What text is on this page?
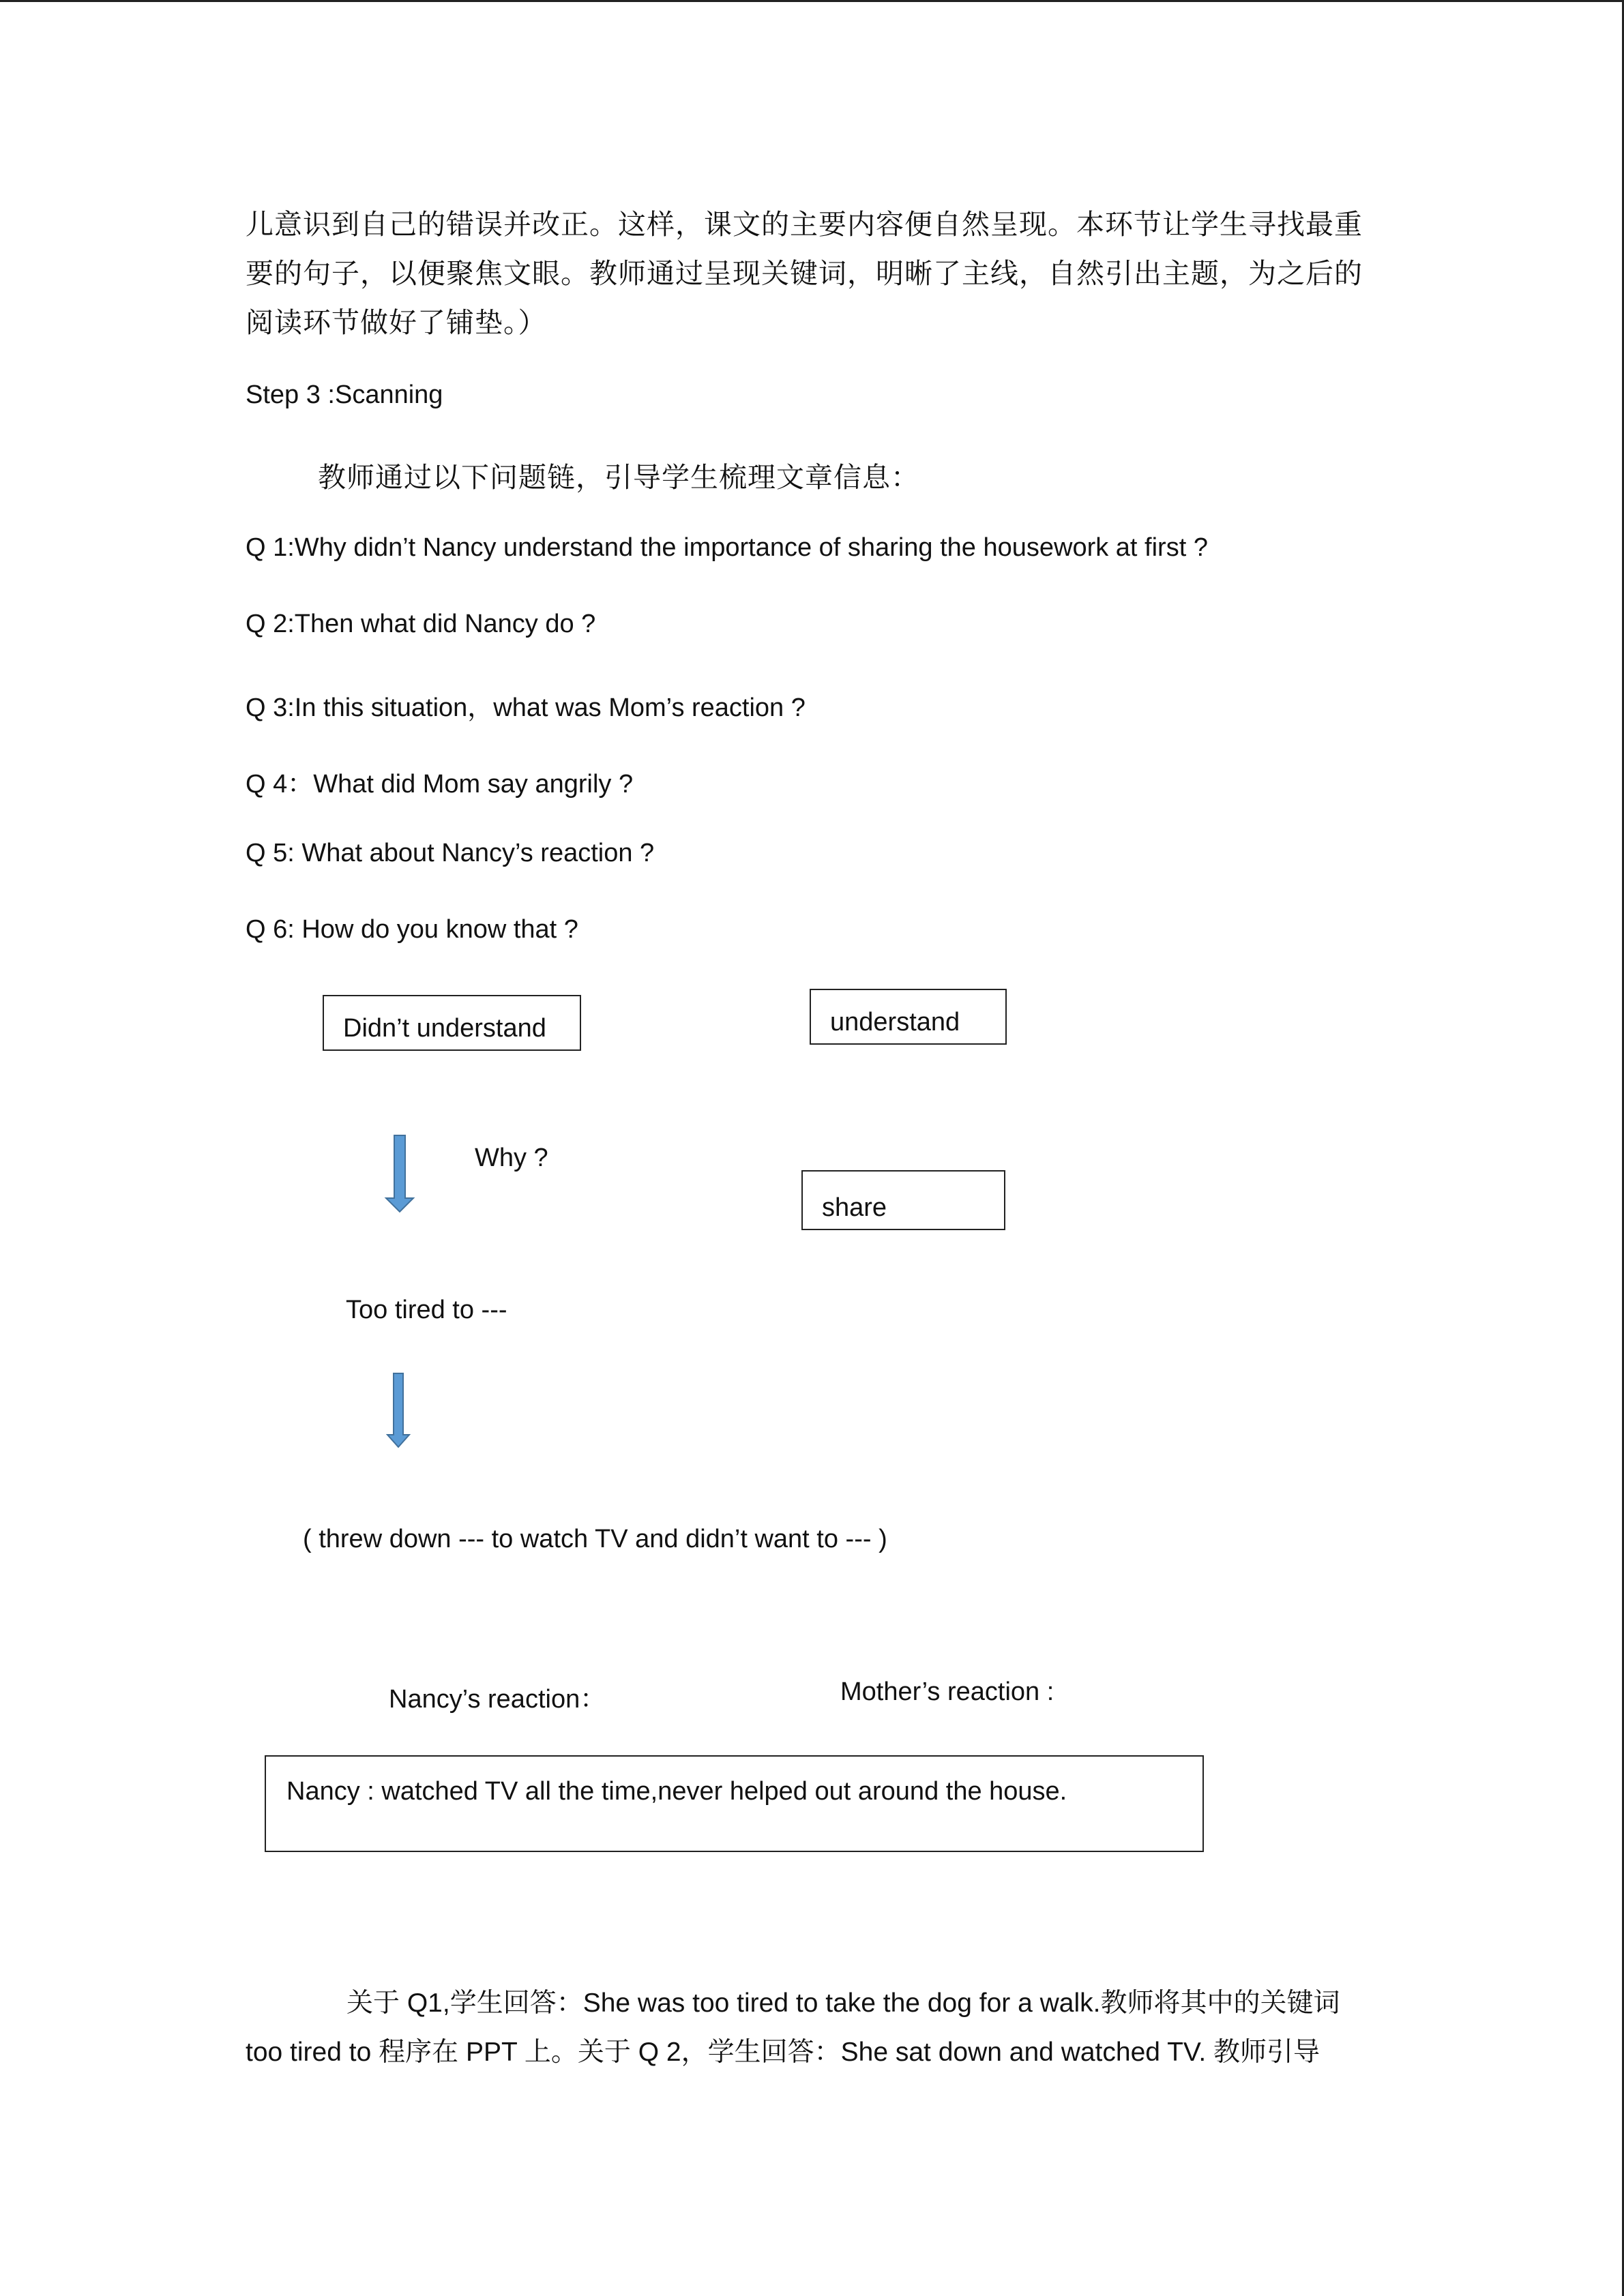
儿意识到自己的错误并改正。这样，课文的主要内容便自然呈现。本环节让学生寻找最重
要的句子，以便聚焦文眼。教师通过呈现关键词，明晰了主线，自然引出主题，为之后的
阅读环节做好了铺垫。）
Step 3 :Scanning
教师通过以下问题链，引导学生梳理文章信息：
Q 1:Why didn’t Nancy understand the importance of sharing the housework at first ?
Q 2:Then what did Nancy do ?
Q 3:In this situation，what was Mom’s reaction ?
Q 4：What did Mom say angrily ?
Q 5: What about Nancy’s reaction ?
Q 6: How do you know that ?
Didn’t understand	understand
share
Why ?
Too tired to ---
( threw down --- to watch TV and didn’t want to --- )
Nancy’s reaction：	Mother’s reaction :
Nancy : watched TV all the time,never helped out around the house.
关于 Q1,学生回答：She was too tired to take the dog for a walk.教师将其中的关键词
too tired to 程序在 PPT 上。关于 Q 2，学生回答：She sat down and watched TV. 教师引导
